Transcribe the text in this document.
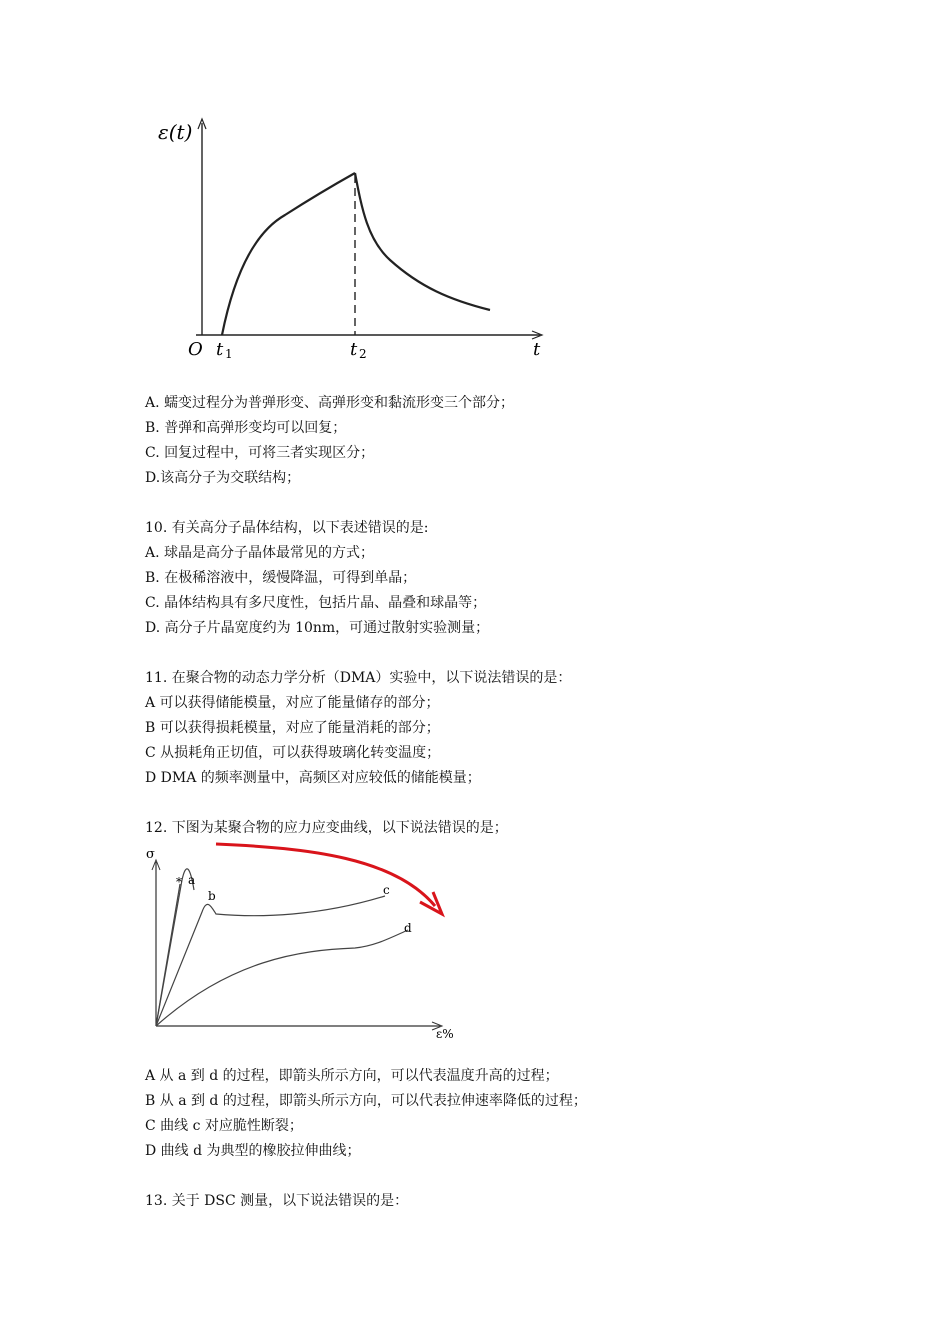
ε(t)
O t 1	t 2	t
A. 蠕变过程分为普弹形变、高弹形变和黏流形变三个部分；
B. 普弹和高弹形变均可以回复；
C. 回复过程中，可将三者实现区分；
D.该高分子为交联结构；
10. 有关高分子晶体结构，以下表述错误的是:
A. 球晶是高分子晶体最常见的方式；
B. 在极稀溶液中，缓慢降温，可得到单晶；
C. 晶体结构具有多尺度性，包括片晶、晶叠和球晶等；
D. 高分子片晶宽度约为 10nm，可通过散射实验测量；
11. 在聚合物的动态力学分析（DMA）实验中，以下说法错误的是：
A 可以获得储能模量，对应了能量储存的部分；
B 可以获得损耗模量，对应了能量消耗的部分；
C 从损耗角正切值，可以获得玻璃化转变温度；
D DMA 的频率测量中，高频区对应较低的储能模量；
12. 下图为某聚合物的应力应变曲线，以下说法错误的是；
σ
* a
b	c
d
ε%
A 从 a 到 d 的过程，即箭头所示方向，可以代表温度升高的过程；
B 从 a 到 d 的过程，即箭头所示方向，可以代表拉伸速率降低的过程；
C 曲线 c 对应脆性断裂；
D 曲线 d 为典型的橡胶拉伸曲线；
13. 关于 DSC 测量，以下说法错误的是：
